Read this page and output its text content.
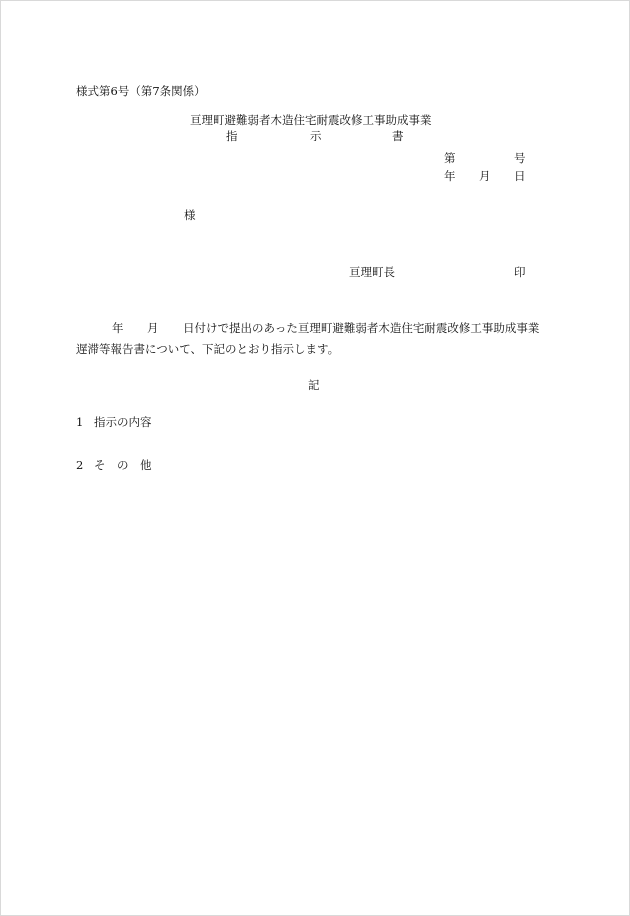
様式第6号（第7条関係）
亘理町避難弱者木造住宅耐震改修工事助成事業
指	示	書
第	号
年 月 日
様
亘理町長	印
年 月 日付けで提出のあった亘理町避難弱者木造住宅耐震改修工事助成事業
遅滞等報告書について、下記のとおり指示します。
記
1 指示の内容
2 そ　の　他
